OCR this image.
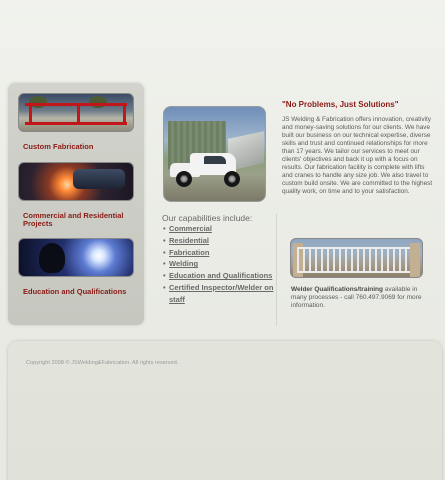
Custom Fabrication
Commercial and Residential Projects
Education and Qualifications
Our capabilities include:
• Commercial
• Residential
• Fabrication
• Welding
• Education and Qualifications
• Certified Inspector/Welder on staff
"No Problems, Just Solutions"

JS Welding & Fabrication offers innovation, creativity and money-saving solutions for our clients. We have built our business on our technical expertise, diverse skills and trust and continued relationships for more than 17 years. We tailor our services to meet our clients' objectives and back it up with a focus on results. Our fabrication facility is complete with lifts and cranes to handle any size job. We also travel to custom build onsite. We are committed to the highest quality work, on time and to your satisfaction.

Welder Qualifications/training available in many processes - call 760.497.9069 for more information.

Copyright 2008 © JSWelding&Fabrication. All rights reserved.
